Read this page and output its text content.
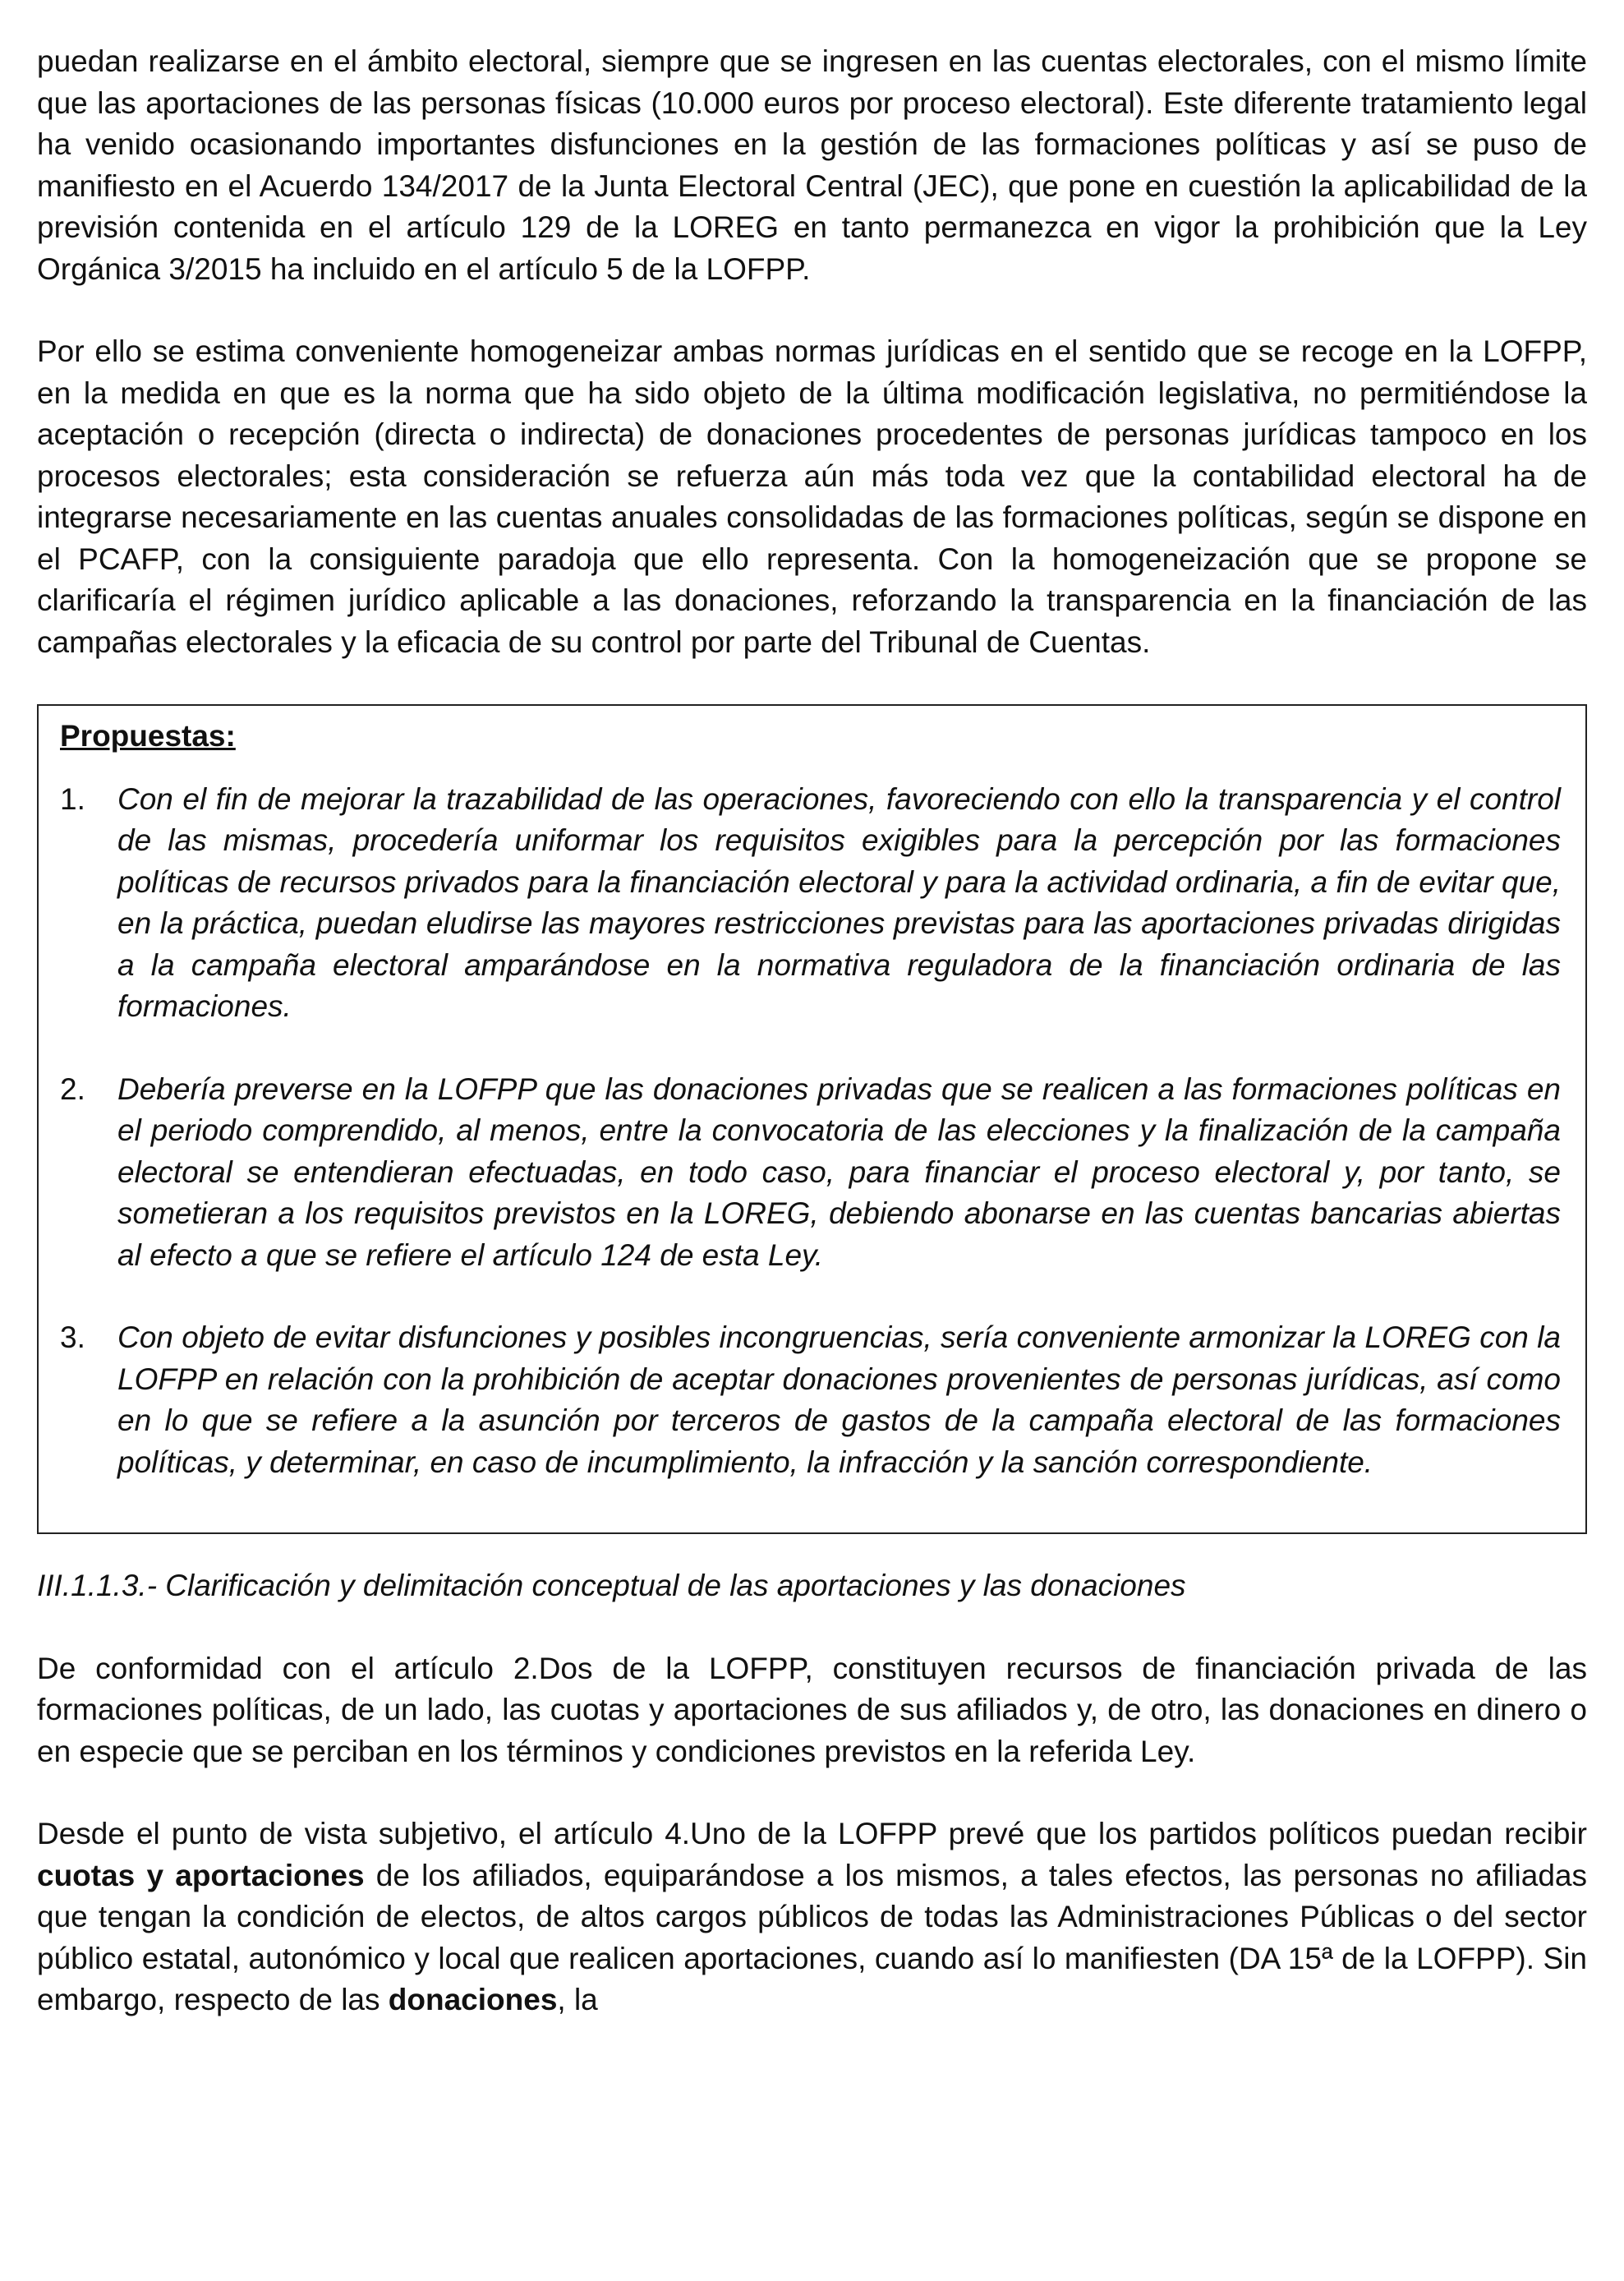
puedan realizarse en el ámbito electoral, siempre que se ingresen en las cuentas electorales, con el mismo límite que las aportaciones de las personas físicas (10.000 euros por proceso electoral). Este diferente tratamiento legal ha venido ocasionando importantes disfunciones en la gestión de las formaciones políticas y así se puso de manifiesto en el Acuerdo 134/2017 de la Junta Electoral Central (JEC), que pone en cuestión la aplicabilidad de la previsión contenida en el artículo 129 de la LOREG en tanto permanezca en vigor la prohibición que la Ley Orgánica 3/2015 ha incluido en el artículo 5 de la LOFPP.

Por ello se estima conveniente homogeneizar ambas normas jurídicas en el sentido que se recoge en la LOFPP, en la medida en que es la norma que ha sido objeto de la última modificación legislativa, no permitiéndose la aceptación o recepción (directa o indirecta) de donaciones procedentes de personas jurídicas tampoco en los procesos electorales; esta consideración se refuerza aún más toda vez que la contabilidad electoral ha de integrarse necesariamente en las cuentas anuales consolidadas de las formaciones políticas, según se dispone en el PCAFP, con la consiguiente paradoja que ello representa. Con la homogeneización que se propone se clarificaría el régimen jurídico aplicable a las donaciones, reforzando la transparencia en la financiación de las campañas electorales y la eficacia de su control por parte del Tribunal de Cuentas.

Propuestas:

1. Con el fin de mejorar la trazabilidad de las operaciones, favoreciendo con ello la transparencia y el control de las mismas, procedería uniformar los requisitos exigibles para la percepción por las formaciones políticas de recursos privados para la financiación electoral y para la actividad ordinaria, a fin de evitar que, en la práctica, puedan eludirse las mayores restricciones previstas para las aportaciones privadas dirigidas a la campaña electoral amparándose en la normativa reguladora de la financiación ordinaria de las formaciones.
2. Debería preverse en la LOFPP que las donaciones privadas que se realicen a las formaciones políticas en el periodo comprendido, al menos, entre la convocatoria de las elecciones y la finalización de la campaña electoral se entendieran efectuadas, en todo caso, para financiar el proceso electoral y, por tanto, se sometieran a los requisitos previstos en la LOREG, debiendo abonarse en las cuentas bancarias abiertas al efecto a que se refiere el artículo 124 de esta Ley.
3. Con objeto de evitar disfunciones y posibles incongruencias, sería conveniente armonizar la LOREG con la LOFPP en relación con la prohibición de aceptar donaciones provenientes de personas jurídicas, así como en lo que se refiere a la asunción por terceros de gastos de la campaña electoral de las formaciones políticas, y determinar, en caso de incumplimiento, la infracción y la sanción correspondiente.

III.1.1.3.- Clarificación y delimitación conceptual de las aportaciones y las donaciones

De conformidad con el artículo 2.Dos de la LOFPP, constituyen recursos de financiación privada de las formaciones políticas, de un lado, las cuotas y aportaciones de sus afiliados y, de otro, las donaciones en dinero o en especie que se perciban en los términos y condiciones previstos en la referida Ley.

Desde el punto de vista subjetivo, el artículo 4.Uno de la LOFPP prevé que los partidos políticos puedan recibir cuotas y aportaciones de los afiliados, equiparándose a los mismos, a tales efectos, las personas no afiliadas que tengan la condición de electos, de altos cargos públicos de todas las Administraciones Públicas o del sector público estatal, autonómico y local que realicen aportaciones, cuando así lo manifiesten (DA 15ª de la LOFPP). Sin embargo, respecto de las donaciones, la
